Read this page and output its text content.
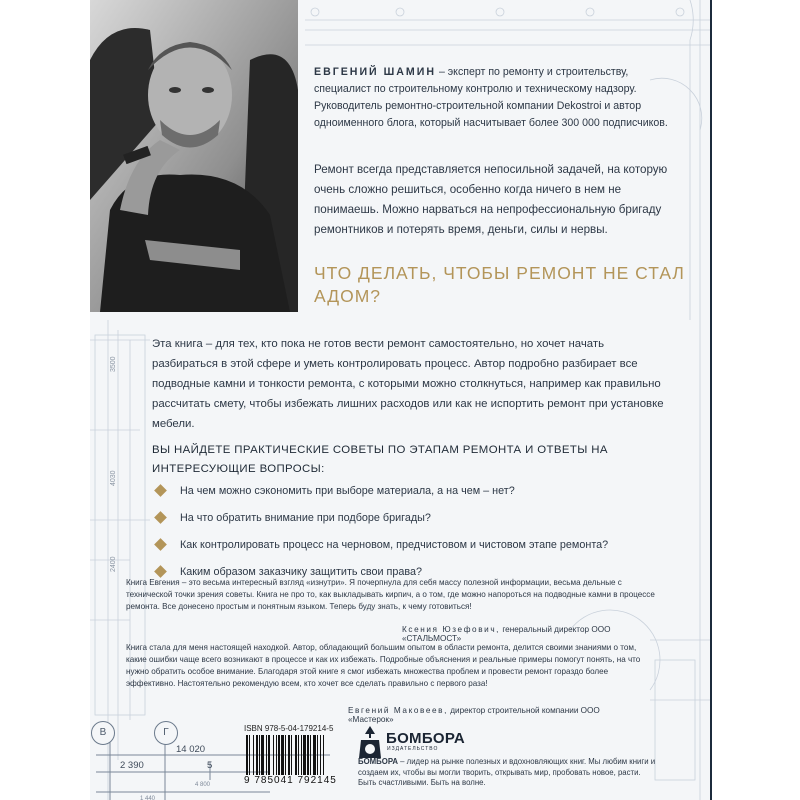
В	Г
14 020
2 390	5
4 800
1 440
3500
4030
2400
ЕВГЕНИЙ ШАМИН – эксперт по ремонту и строительству, специалист по строительному контролю и техническому надзору. Руководитель ремонтно-строительной компании Dekostroi и автор одноименного блога, который насчитывает более 300 000 подписчиков.
Ремонт всегда представляется непосильной задачей, на которую очень сложно решиться, особенно когда ничего в нем не понимаешь. Можно нарваться на непрофессиональную бригаду ремонтников и потерять время, деньги, силы и нервы.
ЧТО ДЕЛАТЬ, ЧТОБЫ РЕМОНТ НЕ СТАЛ АДОМ?
Эта книга – для тех, кто пока не готов вести ремонт самостоятельно, но хочет начать разбираться в этой сфере и уметь контролировать процесс. Автор подробно разбирает все подводные камни и тонкости ремонта, с которыми можно столкнуться, например как правильно рассчитать смету, чтобы избежать лишних расходов или как не испортить ремонт при установке мебели.
ВЫ НАЙДЕТЕ ПРАКТИЧЕСКИЕ СОВЕТЫ ПО ЭТАПАМ РЕМОНТА И ОТВЕТЫ НА ИНТЕРЕСУЮЩИЕ ВОПРОСЫ:
На чем можно сэкономить при выборе материала, а на чем – нет?
На что обратить внимание при подборе бригады?
Как контролировать процесс на черновом, предчистовом и чистовом этапе ремонта?
Каким образом заказчику защитить свои права?
Книга Евгения – это весьма интересный взгляд «изнутри». Я почерпнула для себя массу полезной информации, весьма дельные с технической точки зрения советы. Книга не про то, как выкладывать кирпич, а о том, где можно напороться на подводные камни в процессе ремонта. Все донесено простым и понятным языком. Теперь буду знать, к чему готовиться!
Ксения Юзефович, генеральный директор ООО «СТАЛЬМОСТ»
Книга стала для меня настоящей находкой. Автор, обладающий большим опытом в области ремонта, делится своими знаниями о том, какие ошибки чаще всего возникают в процессе и как их избежать. Подробные объяснения и реальные примеры помогут понять, на что нужно обратить особое внимание. Благодаря этой книге я смог избежать множества проблем и провести ремонт гораздо более эффективно. Настоятельно рекомендую всем, кто хочет все сделать правильно с первого раза!
Евгений Маковеев, директор строительной компании ООО «Мастерок»
ISBN 978-5-04-179214-5
9 785041 792145
БОМБОРА
ИЗДАТЕЛЬСТВО
БОМБОРА – лидер на рынке полезных и вдохновляющих книг. Мы любим книги и создаем их, чтобы вы могли творить, открывать мир, пробовать новое, расти. Быть счастливыми. Быть на волне.
